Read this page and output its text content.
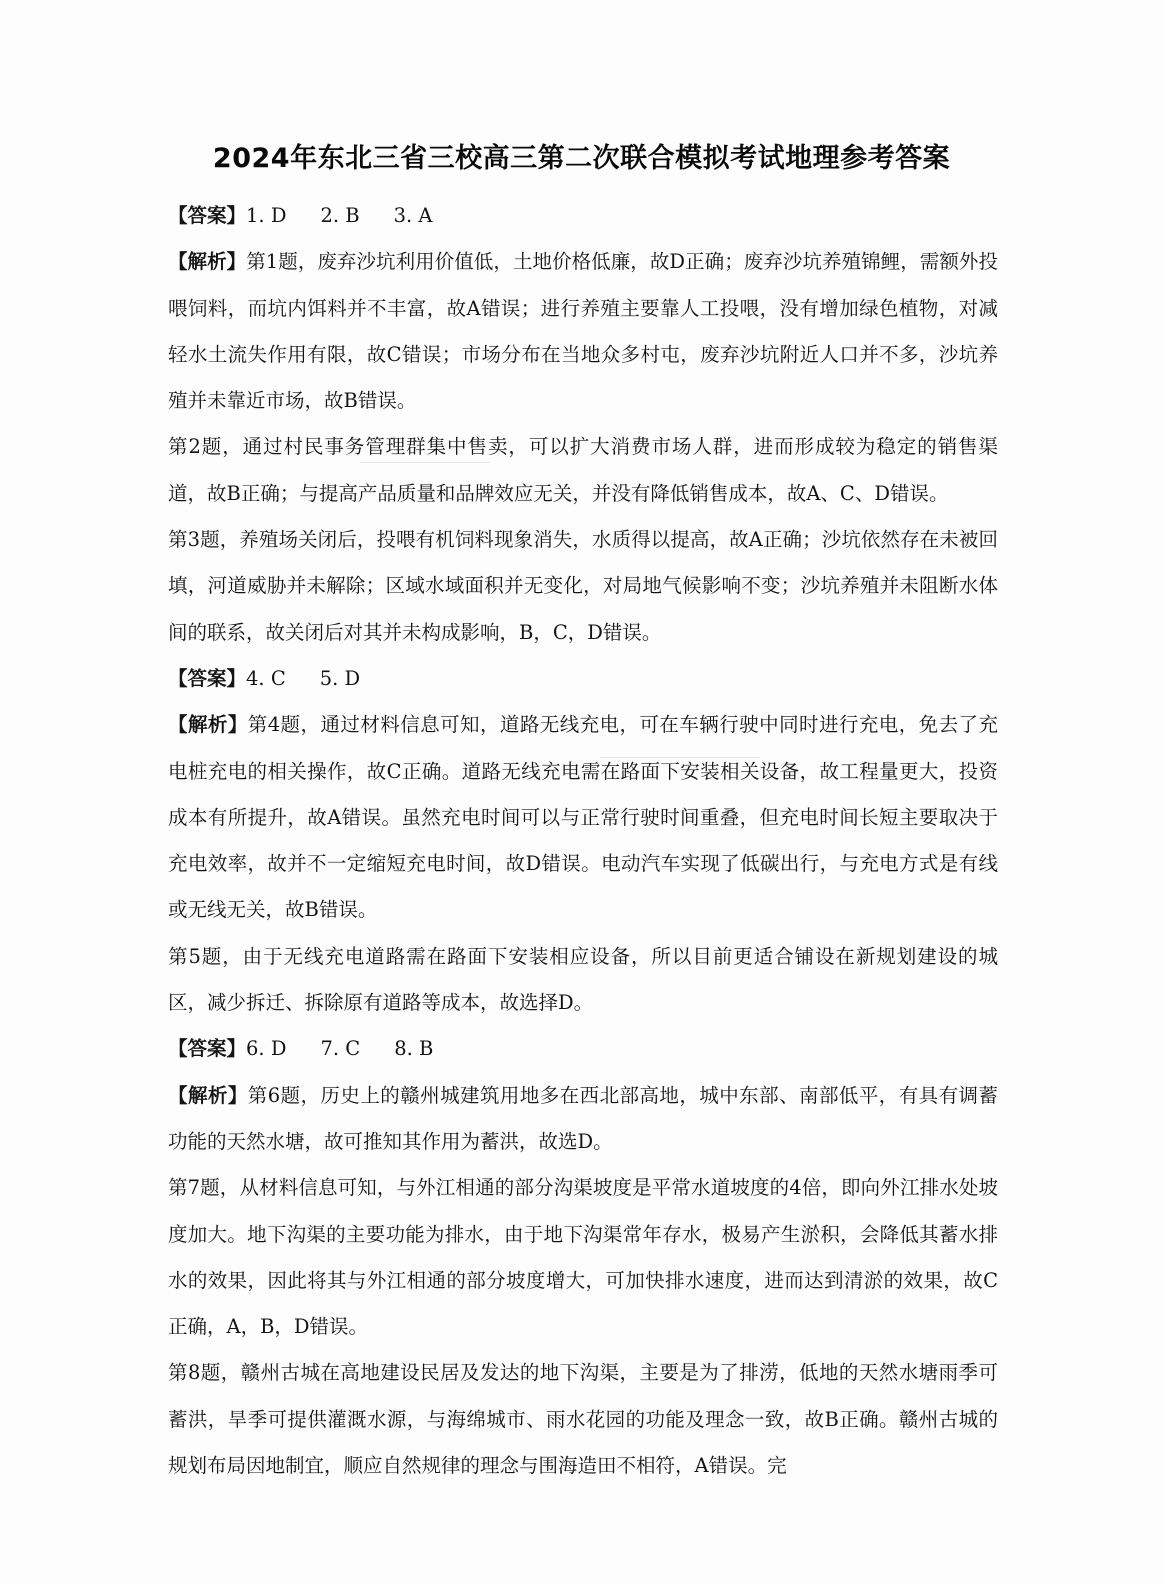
2024年东北三省三校高三第二次联合模拟考试地理参考答案

【答案】1. D 2. B 3. A

【解析】第1题，废弃沙坑利用价值低，土地价格低廉，故D正确；废弃沙坑养殖锦鲤，需额外投喂饲料，而坑内饵料并不丰富，故A错误；进行养殖主要靠人工投喂，没有增加绿色植物，对减轻水土流失作用有限，故C错误；市场分布在当地众多村屯，废弃沙坑附近人口并不多，沙坑养殖并未靠近市场，故B错误。

第2题，通过村民事务管理群集中售卖，可以扩大消费市场人群，进而形成较为稳定的销售渠道，故B正确；与提高产品质量和品牌效应无关，并没有降低销售成本，故A、C、D错误。

第3题，养殖场关闭后，投喂有机饲料现象消失，水质得以提高，故A正确；沙坑依然存在未被回填，河道威胁并未解除；区域水域面积并无变化，对局地气候影响不变；沙坑养殖并未阻断水体间的联系，故关闭后对其并未构成影响，B，C，D错误。

【答案】4. C 5. D

【解析】第4题，通过材料信息可知，道路无线充电，可在车辆行驶中同时进行充电，免去了充电桩充电的相关操作，故C正确。道路无线充电需在路面下安装相关设备，故工程量更大，投资成本有所提升，故A错误。虽然充电时间可以与正常行驶时间重叠，但充电时间长短主要取决于充电效率，故并不一定缩短充电时间，故D错误。电动汽车实现了低碳出行，与充电方式是有线或无线无关，故B错误。

第5题，由于无线充电道路需在路面下安装相应设备，所以目前更适合铺设在新规划建设的城区，减少拆迁、拆除原有道路等成本，故选择D。

【答案】6. D 7. C 8. B

【解析】第6题，历史上的赣州城建筑用地多在西北部高地，城中东部、南部低平，有具有调蓄功能的天然水塘，故可推知其作用为蓄洪，故选D。

第7题，从材料信息可知，与外江相通的部分沟渠坡度是平常水道坡度的4倍，即向外江排水处坡度加大。地下沟渠的主要功能为排水，由于地下沟渠常年存水，极易产生淤积，会降低其蓄水排水的效果，因此将其与外江相通的部分坡度增大，可加快排水速度，进而达到清淤的效果，故C正确，A，B，D错误。

第8题，赣州古城在高地建设民居及发达的地下沟渠，主要是为了排涝，低地的天然水塘雨季可蓄洪，旱季可提供灌溉水源，与海绵城市、雨水花园的功能及理念一致，故B正确。赣州古城的规划布局因地制宜，顺应自然规律的理念与围海造田不相符，A错误。完
